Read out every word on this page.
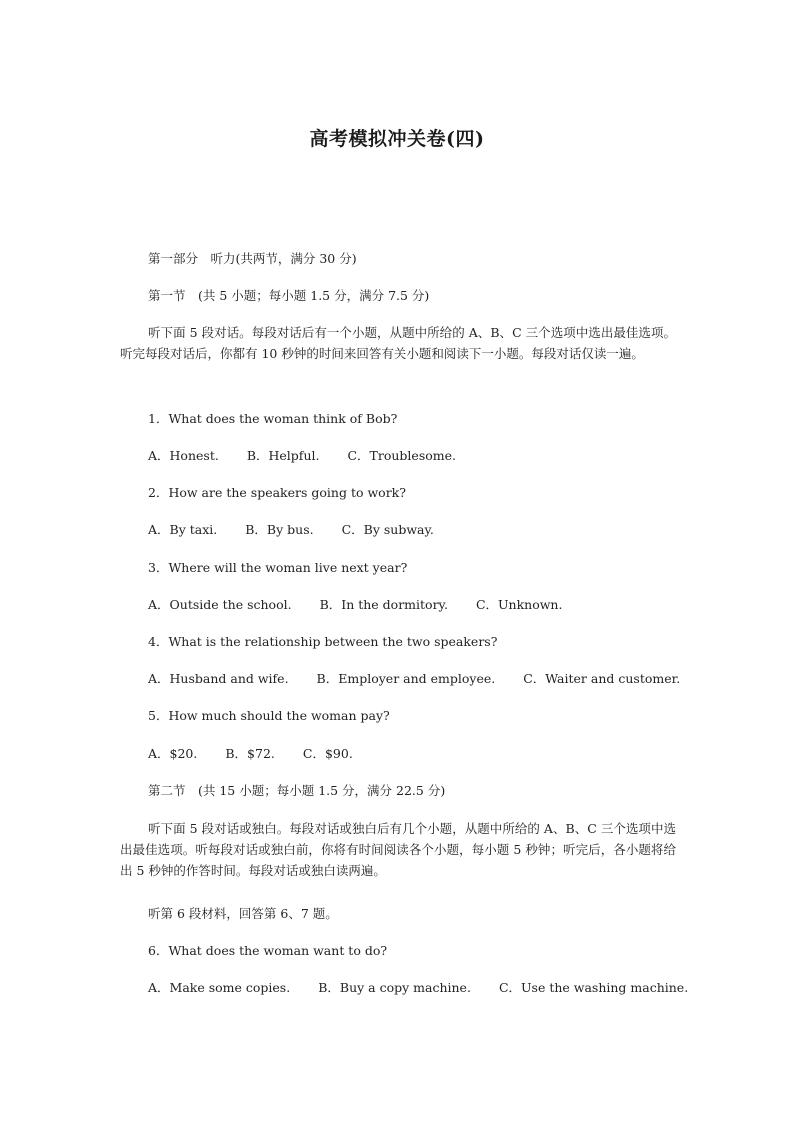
高考模拟冲关卷(四)
第一部分　听力(共两节，满分 30 分)
第一节　(共 5 小题；每小题 1.5 分，满分 7.5 分)
听下面 5 段对话。每段对话后有一个小题，从题中所给的 A、B、C 三个选项中选出最佳选项。听完每段对话后，你都有 10 秒钟的时间来回答有关小题和阅读下一小题。每段对话仅读一遍。
1．What does the woman think of Bob?
A．Honest. B．Helpful. C．Troublesome.
2．How are the speakers going to work?
A．By taxi. B．By bus. C．By subway.
3．Where will the woman live next year?
A．Outside the school. B．In the dormitory. C．Unknown.
4．What is the relationship between the two speakers?
A．Husband and wife. B．Employer and employee. C．Waiter and customer.
5．How much should the woman pay?
A．$20. B．$72. C．$90.
第二节　(共 15 小题；每小题 1.5 分，满分 22.5 分)
听下面 5 段对话或独白。每段对话或独白后有几个小题，从题中所给的 A、B、C 三个选项中选出最佳选项。听每段对话或独白前，你将有时间阅读各个小题，每小题 5 秒钟；听完后，各小题将给出 5 秒钟的作答时间。每段对话或独白读两遍。
听第 6 段材料，回答第 6、7 题。
6．What does the woman want to do?
A．Make some copies. B．Buy a copy machine. C．Use the washing machine.
